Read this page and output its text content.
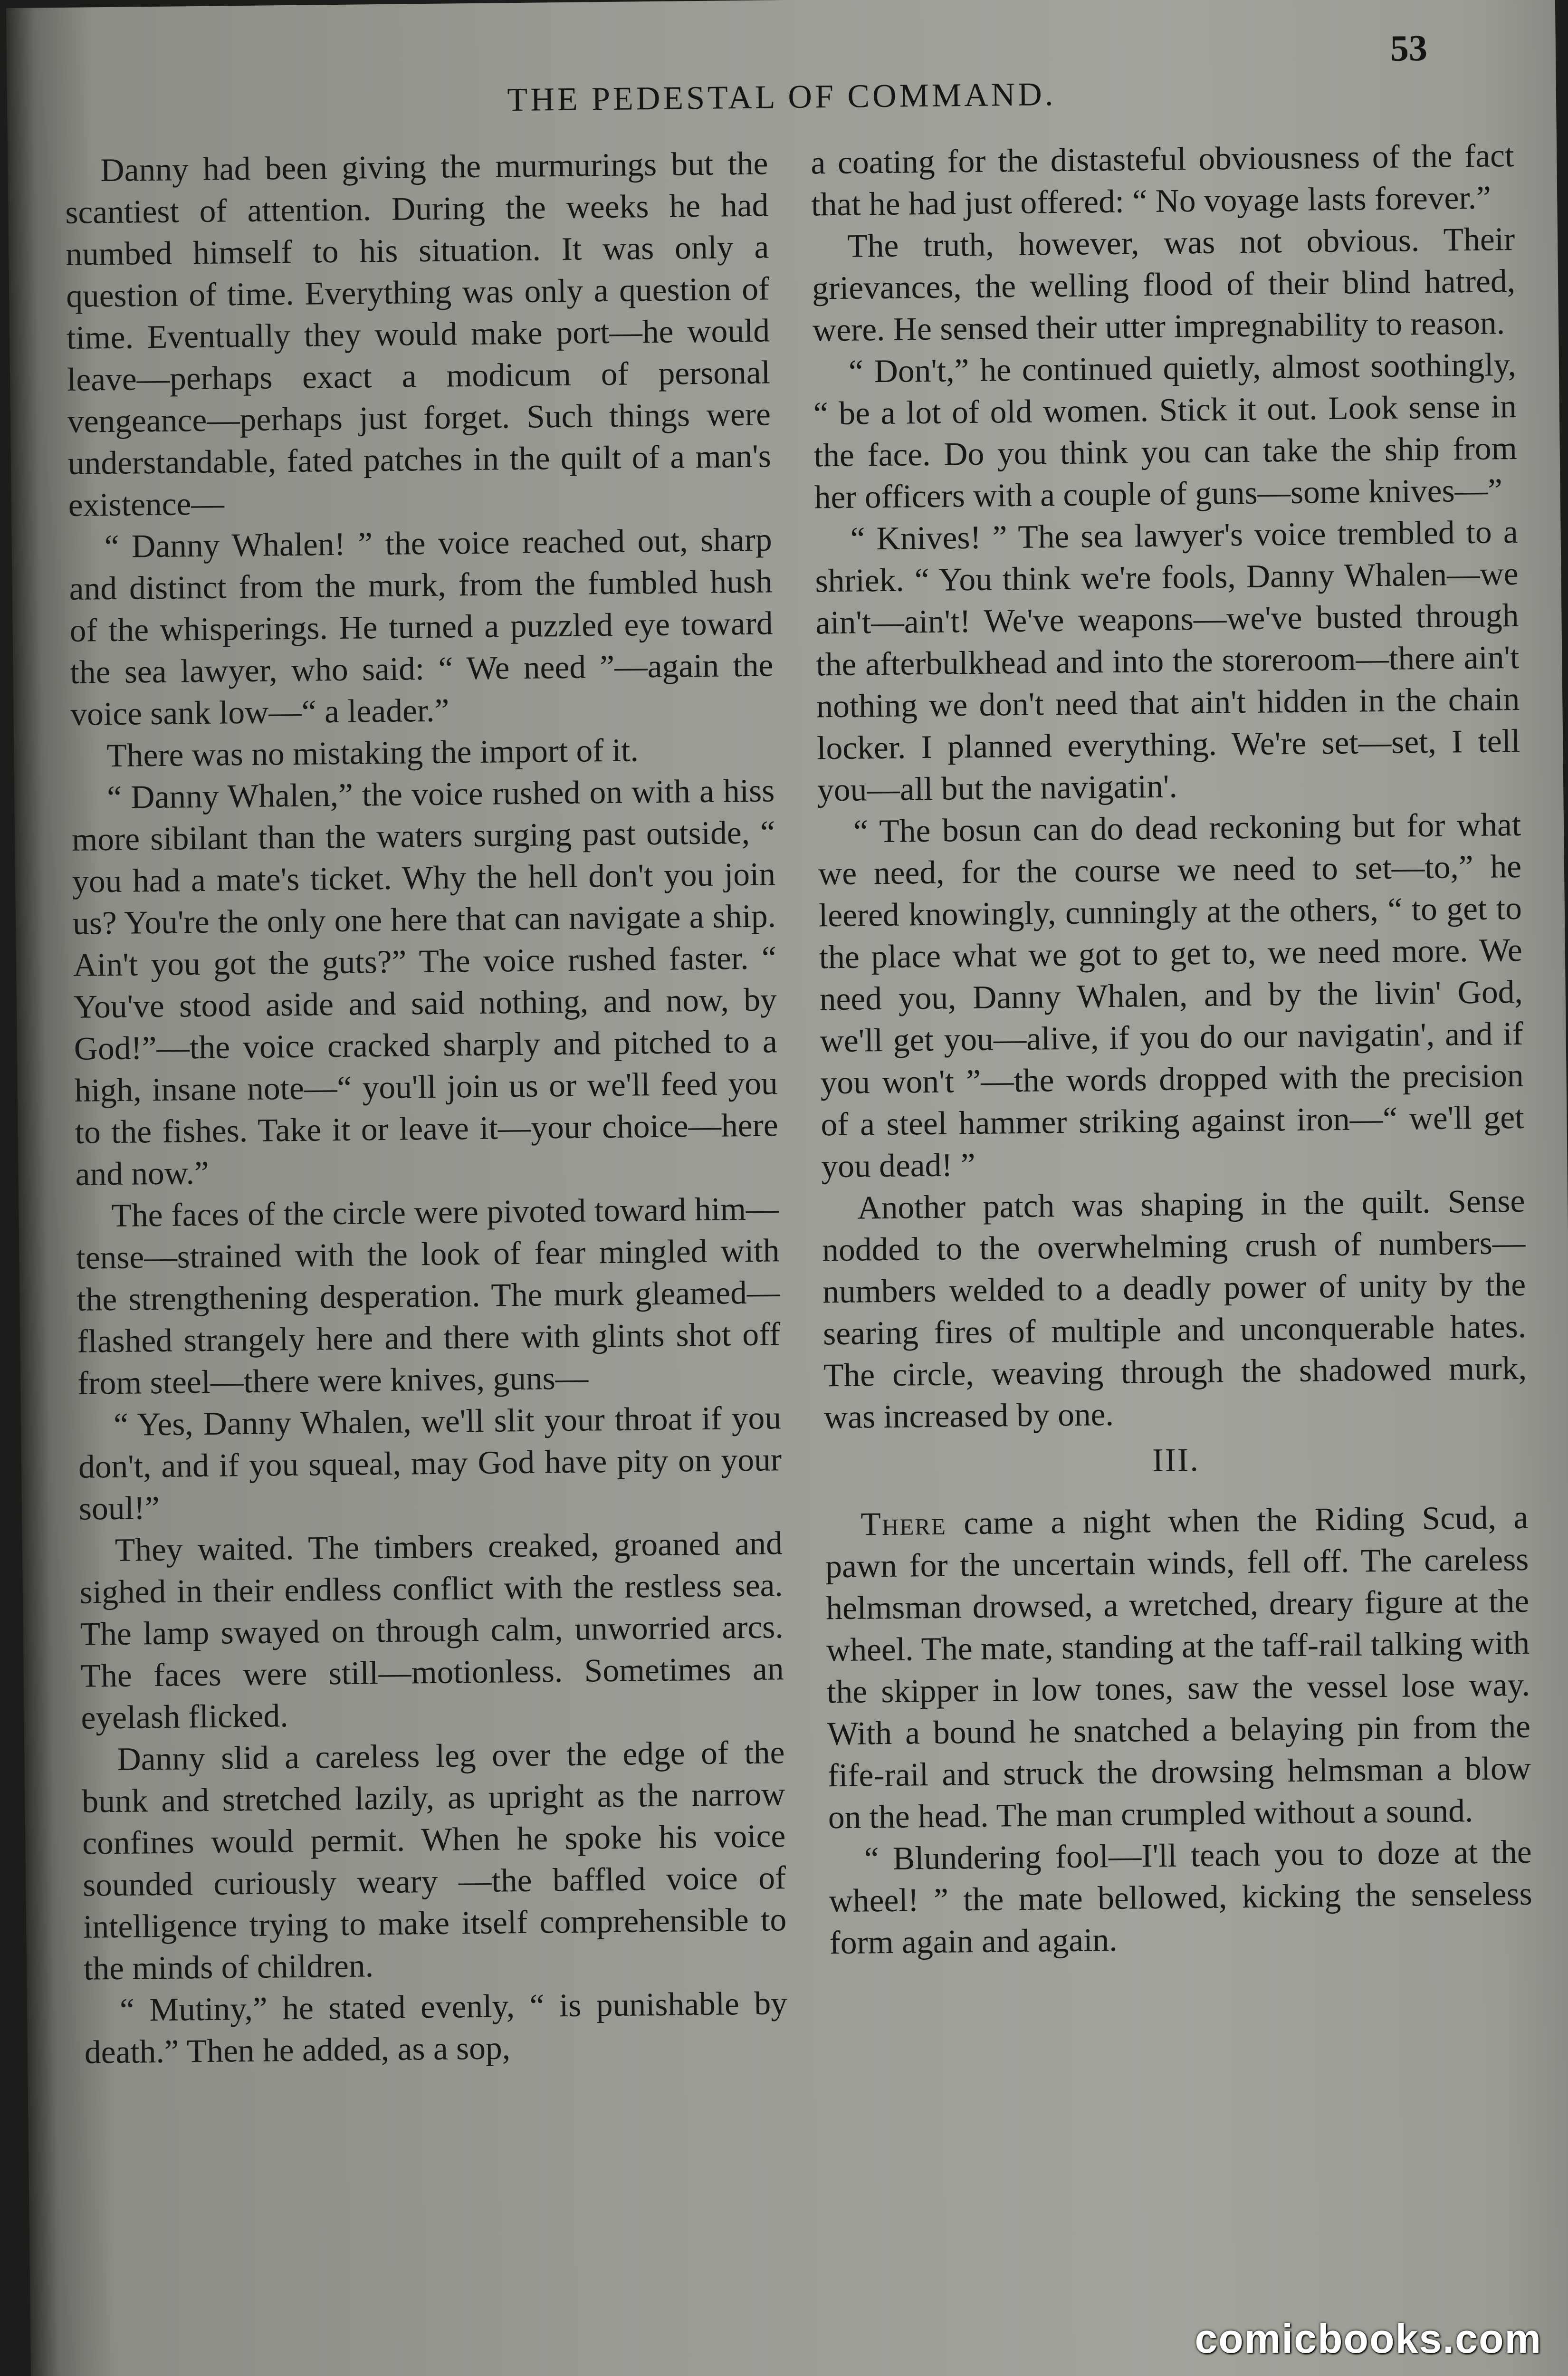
53
THE PEDESTAL OF COMMAND.

Danny had been giving the murmurings but the scantiest of attention. During the weeks he had numbed himself to his situation. It was only a question of time. Everything was only a question of time. Eventually they would make port—he would leave—perhaps exact a modicum of personal vengeance—perhaps just forget. Such things were understandable, fated patches in the quilt of a man's existence—

“ Danny Whalen! ” the voice reached out, sharp and distinct from the murk, from the fumbled hush of the whisperings. He turned a puzzled eye toward the sea lawyer, who said: “ We need ”—again the voice sank low—“ a leader.”

There was no mistaking the import of it.

“ Danny Whalen,” the voice rushed on with a hiss more sibilant than the waters surging past outside, “ you had a mate's ticket. Why the hell don't you join us? You're the only one here that can navigate a ship. Ain't you got the guts?” The voice rushed faster. “ You've stood aside and said nothing, and now, by God!”—the voice cracked sharply and pitched to a high, insane note—“ you'll join us or we'll feed you to the fishes. Take it or leave it—your choice—here and now.”

The faces of the circle were pivoted toward him—tense—strained with the look of fear mingled with the strengthening desperation. The murk gleamed—flashed strangely here and there with glints shot off from steel—there were knives, guns—

“ Yes, Danny Whalen, we'll slit your throat if you don't, and if you squeal, may God have pity on your soul!”

They waited. The timbers creaked, groaned and sighed in their endless conflict with the restless sea. The lamp swayed on through calm, unworried arcs. The faces were still—motionless. Sometimes an eyelash flicked.

Danny slid a careless leg over the edge of the bunk and stretched lazily, as upright as the narrow confines would permit. When he spoke his voice sounded curiously weary —the baffled voice of intelligence trying to make itself comprehensible to the minds of children.

“ Mutiny,” he stated evenly, “ is punishable by death.” Then he added, as a sop,

a coating for the distasteful obviousness of the fact that he had just offered: “ No voyage lasts forever.”

The truth, however, was not obvious. Their grievances, the welling flood of their blind hatred, were. He sensed their utter impregnability to reason.

“ Don't,” he continued quietly, almost soothingly, “ be a lot of old women. Stick it out. Look sense in the face. Do you think you can take the ship from her officers with a couple of guns—some knives—”

“ Knives! ” The sea lawyer's voice trembled to a shriek. “ You think we're fools, Danny Whalen—we ain't—ain't! We've weapons—we've busted through the afterbulkhead and into the storeroom—there ain't nothing we don't need that ain't hidden in the chain locker. I planned everything. We're set—set, I tell you—all but the navigatin'.

“ The bosun can do dead reckoning but for what we need, for the course we need to set—to,” he leered knowingly, cunningly at the others, “ to get to the place what we got to get to, we need more. We need you, Danny Whalen, and by the livin' God, we'll get you—alive, if you do our navigatin', and if you won't ”—the words dropped with the precision of a steel hammer striking against iron—“ we'll get you dead! ”

Another patch was shaping in the quilt. Sense nodded to the overwhelming crush of numbers—numbers welded to a deadly power of unity by the searing fires of multiple and unconquerable hates. The circle, weaving through the shadowed murk, was increased by one.

III.

There came a night when the Riding Scud, a pawn for the uncertain winds, fell off. The careless helmsman drowsed, a wretched, dreary figure at the wheel. The mate, standing at the taff-rail talking with the skipper in low tones, saw the vessel lose way. With a bound he snatched a belaying pin from the fife-rail and struck the drowsing helmsman a blow on the head. The man crumpled without a sound.

“ Blundering fool—I'll teach you to doze at the wheel! ” the mate bellowed, kicking the senseless form again and again.

comicbooks.com
